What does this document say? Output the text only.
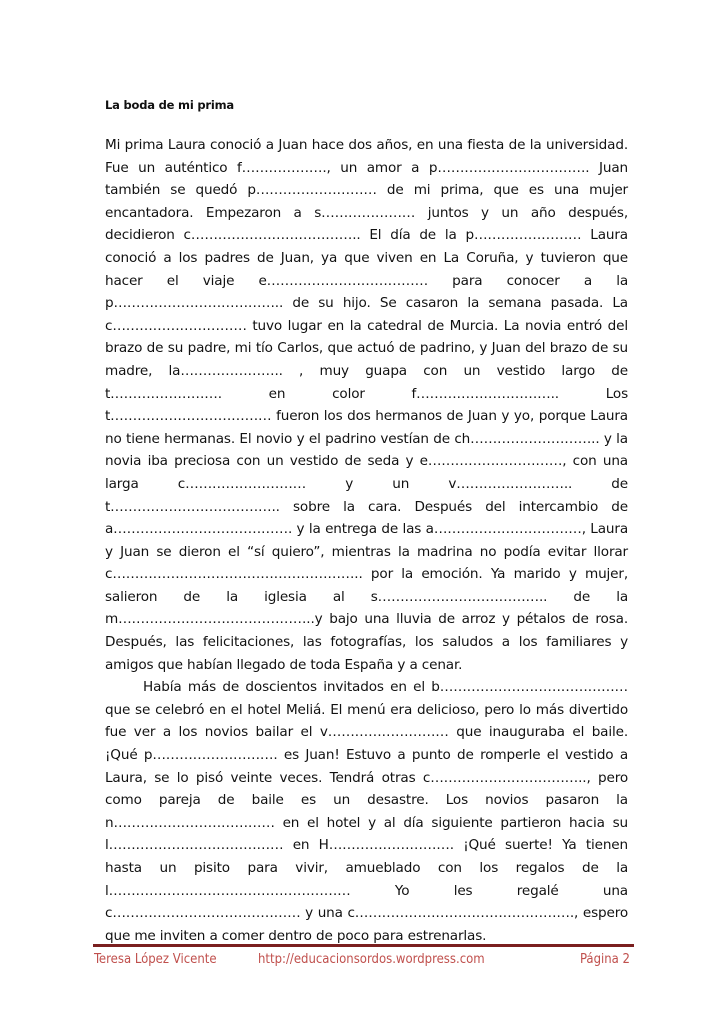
La boda de mi prima

Mi prima Laura conoció a Juan hace dos años, en una fiesta de la universidad. Fue un auténtico f………………., un amor a p……………………………. Juan también se quedó p……………………… de mi prima, que es una mujer encantadora. Empezaron a s………………… juntos y un año después, decidieron c……………………………….. El día de la p…………………… Laura conoció a los padres de Juan, ya que viven en La Coruña, y tuvieron que hacer el viaje e……………………………… para conocer a la p……………………………….. de su hijo. Se casaron la semana pasada. La c………………………… tuvo lugar en la catedral de Murcia. La novia entró del brazo de su padre, mi tío Carlos, que actuó de padrino, y Juan del brazo de su madre, la………………….. , muy guapa con un vestido largo de t……………………. en color f………………………….. Los t……………………………… fueron los dos hermanos de Juan y yo, porque Laura no tiene hermanas. El novio y el padrino vestían de ch……………………….. y la novia iba preciosa con un vestido de seda y e…………………………, con una larga c……………………… y un v…………………….. de t……………………………….. sobre la cara. Después del intercambio de a…………………………………. y la entrega de las a……………………………, Laura y Juan se dieron el “sí quiero”, mientras la madrina no podía evitar llorar c……………………………………………….. por la emoción. Ya marido y mujer, salieron de la iglesia al s……………………………….. de la m……………………………………..y bajo una lluvia de arroz y pétalos de rosa. Después, las felicitaciones, las fotografías, los saludos a los familiares y amigos que habían llegado de toda España y a cenar.

Había más de doscientos invitados en el b…………………………………… que se celebró en el hotel Meliá. El menú era delicioso, pero lo más divertido fue ver a los novios bailar el v……………………… que inauguraba el baile. ¡Qué p………………………. es Juan! Estuvo a punto de romperle el vestido a Laura, se lo pisó veinte veces. Tendrá otras c…………………………….., pero como pareja de baile es un desastre. Los novios pasaron la n……………………………… en el hotel y al día siguiente partieron hacia su l………………………………… en H………………………. ¡Qué suerte! Ya tienen hasta un pisito para vivir, amueblado con los regalos de la l……………………………………………… Yo les regalé una c…………………………………… y una c…………………………………………., espero que me inviten a comer dentro de poco para estrenarlas.

Teresa López Vicente	http://educacionsordos.wordpress.com	Página 2
